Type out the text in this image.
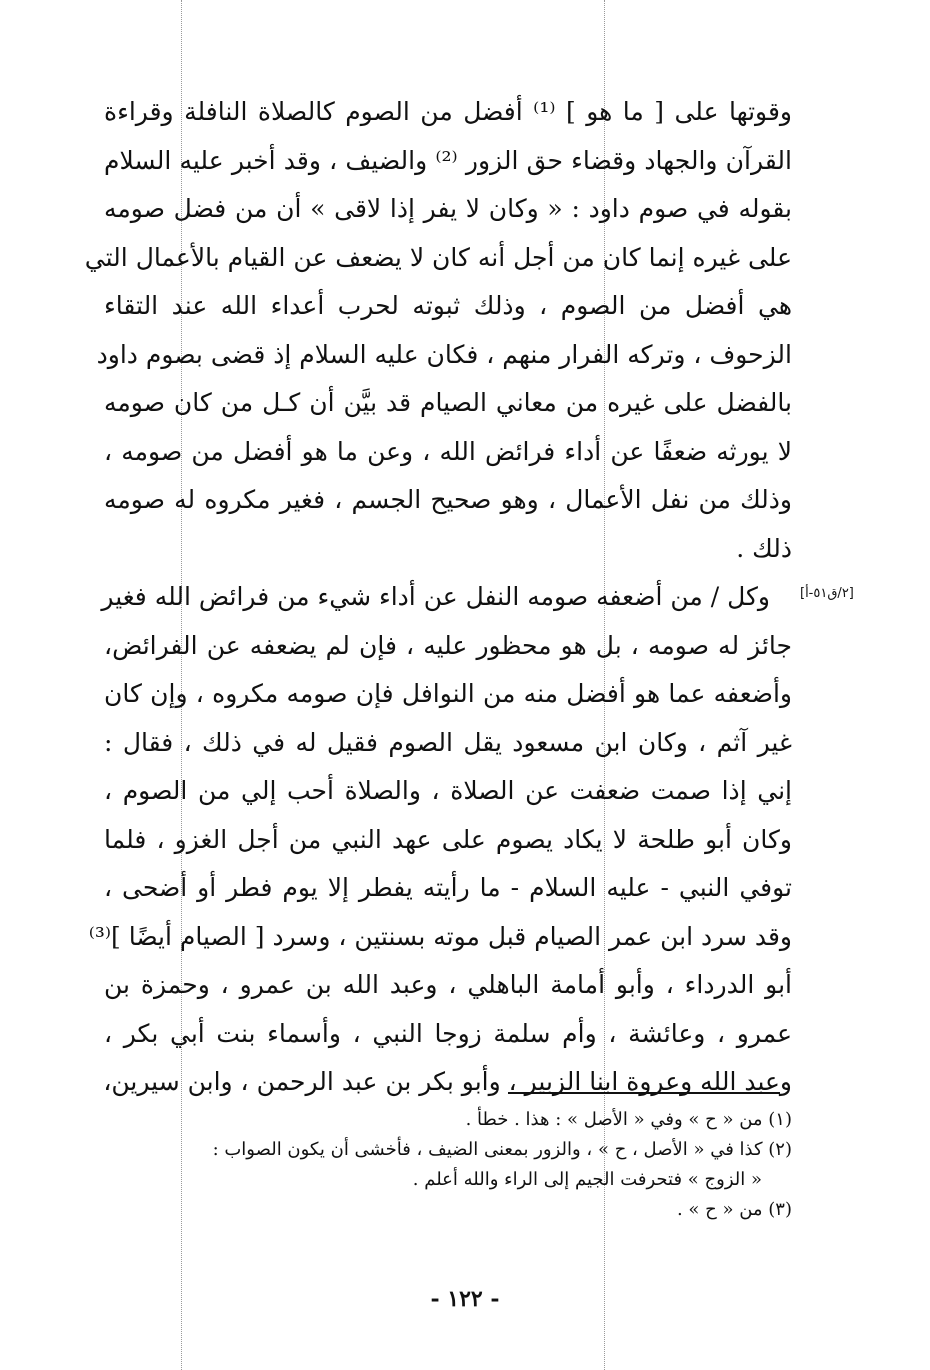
وقوتها على [ ما هو ] ⁽¹⁾ أفضل من الصوم كالصلاة النافلة وقراءة
القرآن والجهاد وقضاء حق الزور ⁽²⁾ والضيف ، وقد أخبر عليه السلام
بقوله في صوم داود : « وكان لا يفر إذا لاقى » أن من فضل صومه
على غيره إنما كان من أجل أنه كان لا يضعف عن القيام بالأعمال التي
هي أفضل من الصوم ، وذلك ثبوته لحرب أعداء الله عند التقاء
الزحوف ، وتركه الفرار منهم ، فكان عليه السلام إذ قضى بصوم داود
بالفضل على غيره من معاني الصيام قد بيَّن أن كـل من كان صومه
لا يورثه ضعفًا عن أداء فرائض الله ، وعن ما هو أفضل من صومه ،
وذلك من نفل الأعمال ، وهو صحيح الجسم ، فغير مكروه له صومه
ذلك .
[٢/ق٥١-أ]
وكل / من أضعفه صومه النفل عن أداء شيء من فرائض الله فغير
جائز له صومه ، بل هو محظور عليه ، فإن لم يضعفه عن الفرائض،
وأضعفه عما هو أفضل منه من النوافل فإن صومه مكروه ، وإن كان
غير آثم ، وكان ابن مسعود يقل الصوم فقيل له في ذلك ، فقال :
إني إذا صمت ضعفت عن الصلاة ، والصلاة أحب إلي من الصوم ،
وكان أبو طلحة لا يكاد يصوم على عهد النبي من أجل الغزو ، فلما
توفي النبي - عليه السلام - ما رأيته يفطر إلا يوم فطر أو أضحى ،
وقد سرد ابن عمر الصيام قبل موته بسنتين ، وسرد [ الصيام أيضًا ]⁽³⁾
أبو الدرداء ، وأبو أمامة الباهلي ، وعبد الله بن عمرو ، وحمزة بن
عمرو ، وعائشة ، وأم سلمة زوجا النبي ، وأسماء بنت أبي بكر ،
وعبد الله وعروة ابنا الزبير ، وأبو بكر بن عبد الرحمن ، وابن سيرين،
(١) من « ح » وفي « الأصل » : هذا . خطأ .
(٢) كذا في « الأصل ، ح » ، والزور بمعنى الضيف ، فأخشى أن يكون الصواب :
« الزوج » فتحرفت الجيم إلى الراء والله أعلم .
(٣) من « ح » .
- ١٢٢ -
